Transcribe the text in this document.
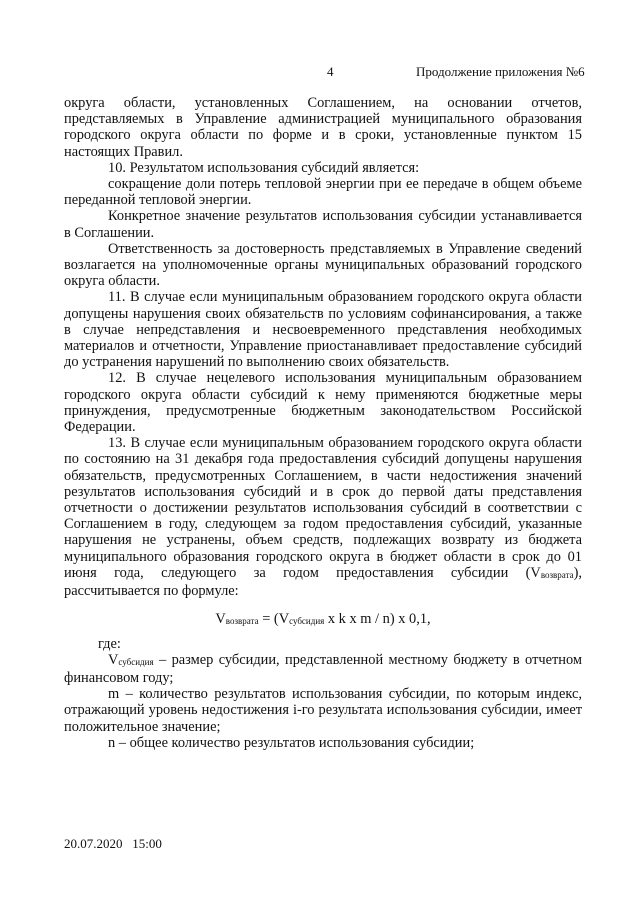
4	Продолжение приложения №6

округа области, установленных Соглашением, на основании отчетов, представляемых в Управление администрацией муниципального образования городского округа области по форме и в сроки, установленные пунктом 15 настоящих Правил.

10. Результатом использования субсидий является:

сокращение доли потерь тепловой энергии при ее передаче в общем объеме переданной тепловой энергии.

Конкретное значение результатов использования субсидии устанавливается в Соглашении.

Ответственность за достоверность представляемых в Управление сведений возлагается на уполномоченные органы муниципальных образований городского округа области.

11. В случае если муниципальным образованием городского округа области допущены нарушения своих обязательств по условиям софинансирования, а также в случае непредставления и несвоевременного представления необходимых материалов и отчетности, Управление приостанавливает предоставление субсидий до устранения нарушений по выполнению своих обязательств.

12. В случае нецелевого использования муниципальным образованием городского округа области субсидий к нему применяются бюджетные меры принуждения, предусмотренные бюджетным законодательством Российской Федерации.

13. В случае если муниципальным образованием городского округа области по состоянию на 31 декабря года предоставления субсидий допущены нарушения обязательств, предусмотренных Соглашением, в части недостижения значений результатов использования субсидий и в срок до первой даты представления отчетности о достижении результатов использования субсидий в соответствии с Соглашением в году, следующем за годом предоставления субсидий, указанные нарушения не устранены, объем средств, подлежащих возврату из бюджета муниципального образования городского округа в бюджет области в срок до 01 июня года, следующего за годом предоставления субсидии $(V_{возврата})$, рассчитывается по формуле:

$V_{возврата} = (V_{субсидия}$ x k x m / n) x 0,1,

где:

$V_{субсидия}$ – размер субсидии, представленной местному бюджету в отчетном финансовом году;

m – количество результатов использования субсидии, по которым индекс, отражающий уровень недостижения i-го результата использования субсидии, имеет положительное значение;

n – общее количество результатов использования субсидии;

20.07.2020   15:00
